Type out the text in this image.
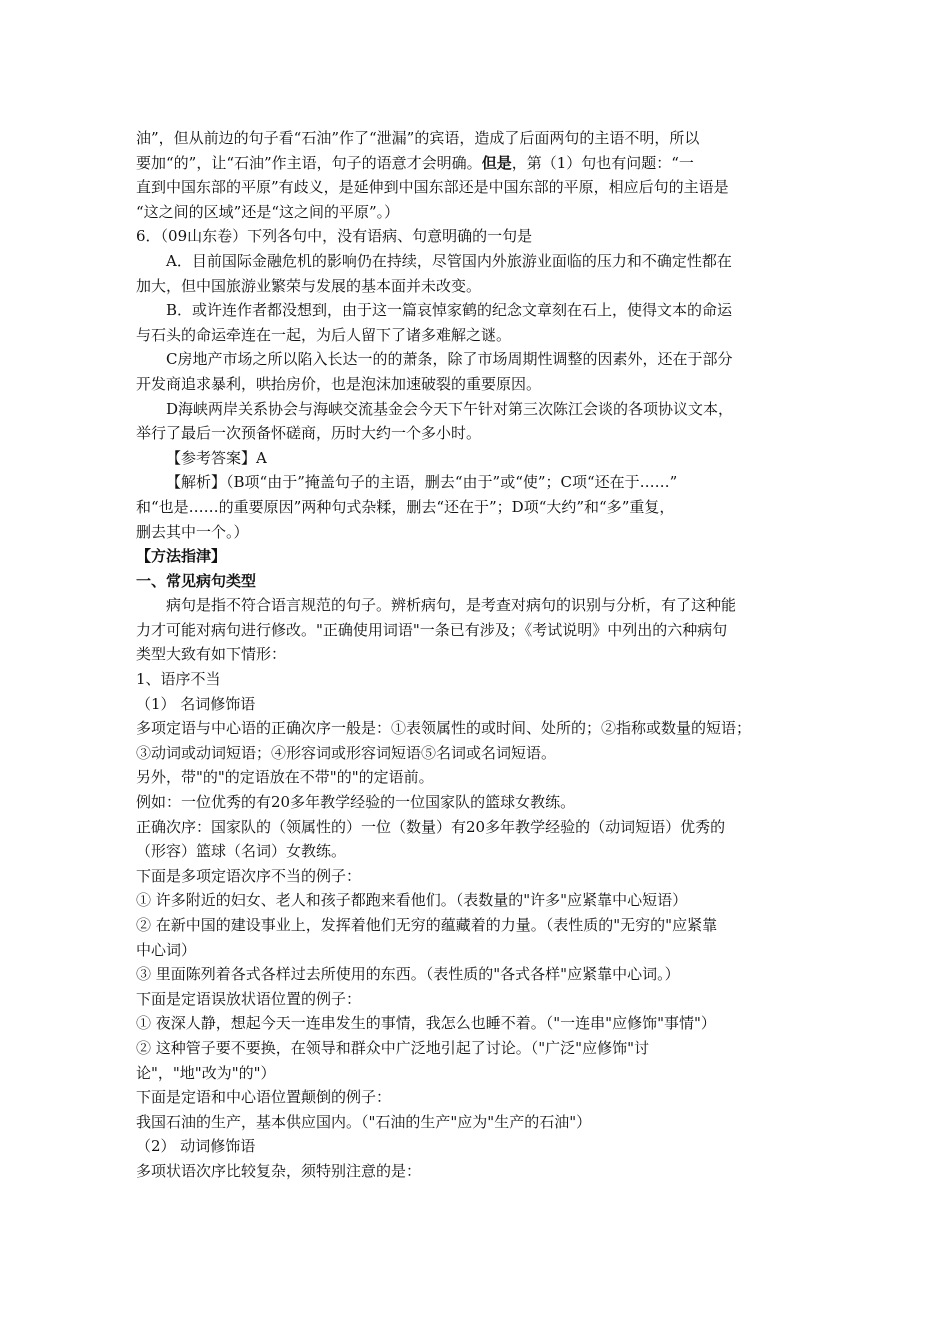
油”，但从前边的句子看“石油”作了“泄漏”的宾语，造成了后面两句的主语不明，所以
要加“的”，让“石油”作主语，句子的语意才会明确。但是，第（1）句也有问题：“一
直到中国东部的平原”有歧义，是延伸到中国东部还是中国东部的平原，相应后句的主语是
“这之间的区域”还是“这之间的平原”。）
6．（09山东卷）下列各句中，没有语病、句意明确的一句是
A．目前国际金融危机的影响仍在持续，尽管国内外旅游业面临的压力和不确定性都在
加大，但中国旅游业繁荣与发展的基本面并未改变。
B．或许连作者都没想到，由于这一篇哀悼家鹤的纪念文章刻在石上，使得文本的命运
与石头的命运牵连在一起，为后人留下了诸多难解之谜。
C房地产市场之所以陷入长达一的的萧条，除了市场周期性调整的因素外，还在于部分
开发商追求暴利，哄抬房价，也是泡沫加速破裂的重要原因。
D海峡两岸关系协会与海峡交流基金会今天下午针对第三次陈江会谈的各项协议文本，
举行了最后一次预备怀磋商，历时大约一个多小时。
【参考答案】A
【解析】（B项“由于”掩盖句子的主语，删去“由于”或“使”；C项“还在于……”
和“也是……的重要原因”两种句式杂糅，删去“还在于”；D项“大约”和“多”重复，
删去其中一个。）
【方法指津】
一、常见病句类型
病句是指不符合语言规范的句子。辨析病句，是考查对病句的识别与分析，有了这种能
力才可能对病句进行修改。"正确使用词语"一条已有涉及；《考试说明》中列出的六种病句
类型大致有如下情形：
1、语序不当
（1） 名词修饰语
多项定语与中心语的正确次序一般是：①表领属性的或时间、处所的；②指称或数量的短语；
③动词或动词短语；④形容词或形容词短语⑤名词或名词短语。
另外，带"的"的定语放在不带"的"的定语前。
例如：一位优秀的有20多年教学经验的一位国家队的篮球女教练。
正确次序：国家队的（领属性的）一位（数量）有20多年教学经验的（动词短语）优秀的
（形容）篮球（名词）女教练。
下面是多项定语次序不当的例子：
① 许多附近的妇女、老人和孩子都跑来看他们。（表数量的"许多"应紧靠中心短语）
② 在新中国的建设事业上，发挥着他们无穷的蕴藏着的力量。（表性质的"无穷的"应紧靠
中心词）
③ 里面陈列着各式各样过去所使用的东西。（表性质的"各式各样"应紧靠中心词。）
下面是定语误放状语位置的例子：
① 夜深人静，想起今天一连串发生的事情，我怎么也睡不着。（"一连串"应修饰"事情"）
② 这种管子要不要换，在领导和群众中广泛地引起了讨论。（"广泛"应修饰"讨
论"，"地"改为"的"）
下面是定语和中心语位置颠倒的例子：
我国石油的生产，基本供应国内。（"石油的生产"应为"生产的石油"）
（2） 动词修饰语
多项状语次序比较复杂，须特别注意的是：
